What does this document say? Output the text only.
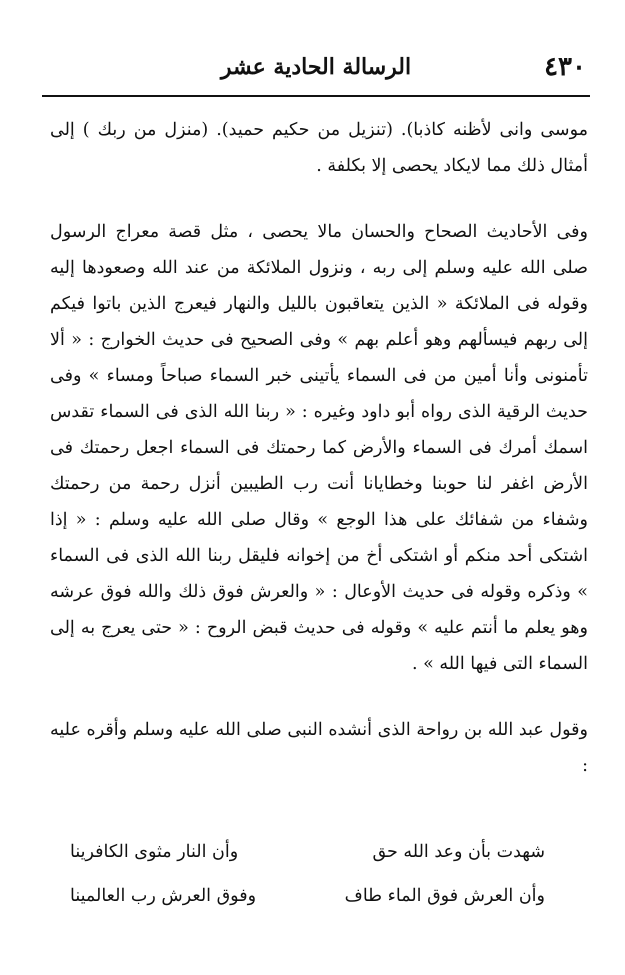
٤٣٠
الرسالة الحادية عشر

موسى وانى لأظنه كاذبا). (تنزيل من حكيم حميد). (منزل من ربك ) إلى أمثال ذلك مما لايكاد يحصى إلا بكلفة .

وفى الأحاديث الصحاح والحسان مالا يحصى ، مثل قصة معراج الرسول صلى الله عليه وسلم إلى ربه ، ونزول الملائكة من عند الله وصعودها إليه وقوله فى الملائكة « الذين يتعاقبون بالليل والنهار فيعرج الذين باتوا فيكم إلى ربهم فيسألهم وهو أعلم بهم » وفى الصحيح فى حديث الخوارج : « ألا تأمنونى وأنا أمين من فى السماء يأتينى خبر السماء صباحاً ومساء » وفى حديث الرقية الذى رواه أبو داود وغيره : « ربنا الله الذى فى السماء تقدس اسمك أمرك فى السماء والأرض كما رحمتك فى السماء اجعل رحمتك فى الأرض اغفر لنا حوبنا وخطايانا أنت رب الطيبين أنزل رحمة من رحمتك وشفاء من شفائك على هذا الوجع » وقال صلى الله عليه وسلم : « إذا اشتكى أحد منكم أو اشتكى أخ من إخوانه فليقل ربنا الله الذى فى السماء » وذكره وقوله فى حديث الأوعال : « والعرش فوق ذلك والله فوق عرشه وهو يعلم ما أنتم عليه » وقوله فى حديث قبض الروح : « حتى يعرج به إلى السماء التى فيها الله » .

وقول عبد الله بن رواحة الذى أنشده النبى صلى الله عليه وسلم وأقره عليه :

شهدت بأن وعد الله حق
وأن النار مثوى الكافرينا
وأن العرش فوق الماء طاف
وفوق العرش رب العالمينا
